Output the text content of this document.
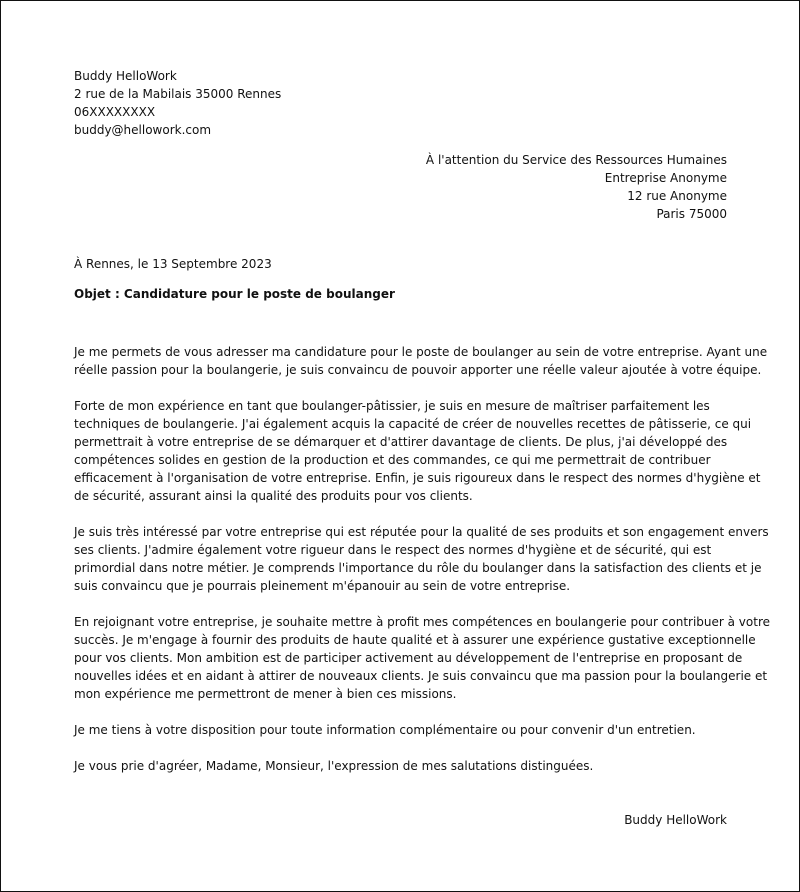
Buddy HelloWork
2 rue de la Mabilais 35000 Rennes
06XXXXXXXX
buddy@hellowork.com
À l'attention du Service des Ressources Humaines
Entreprise Anonyme
12 rue Anonyme
Paris 75000
À Rennes, le 13 Septembre 2023
Objet : Candidature pour le poste de boulanger

Je me permets de vous adresser ma candidature pour le poste de boulanger au sein de votre entreprise. Ayant une
réelle passion pour la boulangerie, je suis convaincu de pouvoir apporter une réelle valeur ajoutée à votre équipe.

Forte de mon expérience en tant que boulanger-pâtissier, je suis en mesure de maîtriser parfaitement les
techniques de boulangerie. J'ai également acquis la capacité de créer de nouvelles recettes de pâtisserie, ce qui
permettrait à votre entreprise de se démarquer et d'attirer davantage de clients. De plus, j'ai développé des
compétences solides en gestion de la production et des commandes, ce qui me permettrait de contribuer
efficacement à l'organisation de votre entreprise. Enfin, je suis rigoureux dans le respect des normes d'hygiène et
de sécurité, assurant ainsi la qualité des produits pour vos clients.

Je suis très intéressé par votre entreprise qui est réputée pour la qualité de ses produits et son engagement envers
ses clients. J'admire également votre rigueur dans le respect des normes d'hygiène et de sécurité, qui est
primordial dans notre métier. Je comprends l'importance du rôle du boulanger dans la satisfaction des clients et je
suis convaincu que je pourrais pleinement m'épanouir au sein de votre entreprise.

En rejoignant votre entreprise, je souhaite mettre à profit mes compétences en boulangerie pour contribuer à votre
succès. Je m'engage à fournir des produits de haute qualité et à assurer une expérience gustative exceptionnelle
pour vos clients. Mon ambition est de participer activement au développement de l'entreprise en proposant de
nouvelles idées et en aidant à attirer de nouveaux clients. Je suis convaincu que ma passion pour la boulangerie et
mon expérience me permettront de mener à bien ces missions.

Je me tiens à votre disposition pour toute information complémentaire ou pour convenir d'un entretien.

Je vous prie d'agréer, Madame, Monsieur, l'expression de mes salutations distinguées.

Buddy HelloWork
